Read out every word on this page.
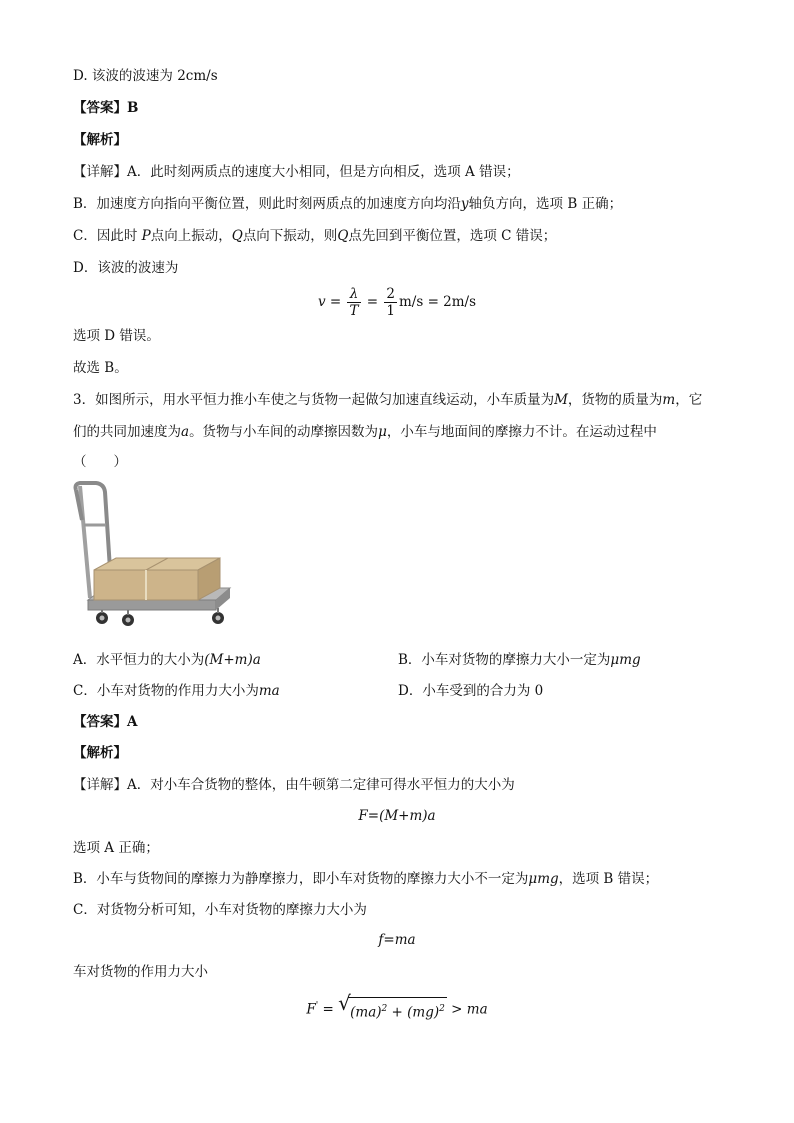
D. 该波的波速为 2cm/s
【答案】B
【解析】
【详解】A．此时刻两质点的速度大小相同，但是方向相反，选项 A 错误；
B．加速度方向指向平衡位置，则此时刻两质点的加速度方向均沿y轴负方向，选项 B 正确；
C．因此时 P点向上振动，Q点向下振动，则Q点先回到平衡位置，选项 C 错误；
D．该波的波速为
$v = \frac{\lambda}{T} = \frac{2}{1} m/s = 2m/s$
选项 D 错误。
故选 B。
3．如图所示，用水平恒力推小车使之与货物一起做匀加速直线运动，小车质量为M，货物的质量为m，它
们的共同加速度为a。货物与小车间的动摩擦因数为μ，小车与地面间的摩擦力不计。在运动过程中
（　　）
A．水平恒力的大小为(M+m)a	B．小车对货物的摩擦力大小一定为μmg
C．小车对货物的作用力大小为ma	D．小车受到的合力为 0
【答案】A
【解析】
【详解】A．对小车合货物的整体，由牛顿第二定律可得水平恒力的大小为
F=(M+m)a
选项 A 正确；
B．小车与货物间的摩擦力为静摩擦力，即小车对货物的摩擦力大小不一定为μmg，选项 B 错误；
C．对货物分析可知，小车对货物的摩擦力大小为
f=ma
车对货物的作用力大小
F' = √ (ma)$^2$ + (mg)$^2$ > ma
